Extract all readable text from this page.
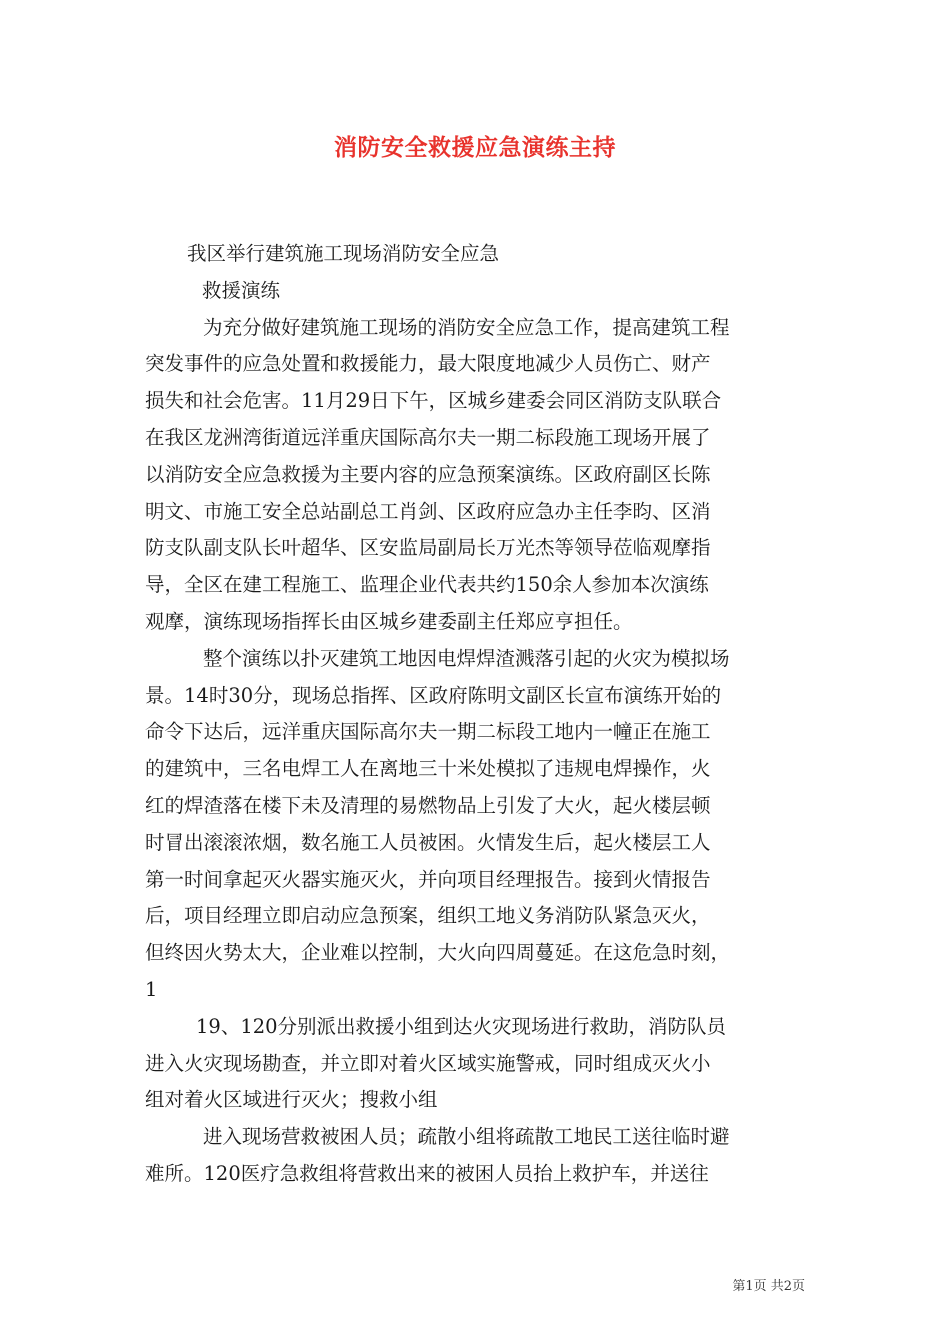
消防安全救援应急演练主持
我区举行建筑施工现场消防安全应急
救援演练
为充分做好建筑施工现场的消防安全应急工作，提高建筑工程
突发事件的应急处置和救援能力，最大限度地减少人员伤亡、财产
损失和社会危害。11月29日下午，区城乡建委会同区消防支队联合
在我区龙洲湾街道远洋重庆国际高尔夫一期二标段施工现场开展了
以消防安全应急救援为主要内容的应急预案演练。区政府副区长陈
明文、市施工安全总站副总工肖剑、区政府应急办主任李昀、区消
防支队副支队长叶超华、区安监局副局长万光杰等领导莅临观摩指
导，全区在建工程施工、监理企业代表共约150余人参加本次演练
观摩，演练现场指挥长由区城乡建委副主任郑应亨担任。
整个演练以扑灭建筑工地因电焊焊渣溅落引起的火灾为模拟场
景。14时30分，现场总指挥、区政府陈明文副区长宣布演练开始的
命令下达后，远洋重庆国际高尔夫一期二标段工地内一幢正在施工
的建筑中，三名电焊工人在离地三十米处模拟了违规电焊操作，火
红的焊渣落在楼下未及清理的易燃物品上引发了大火，起火楼层顿
时冒出滚滚浓烟，数名施工人员被困。火情发生后，起火楼层工人
第一时间拿起灭火器实施灭火，并向项目经理报告。接到火情报告
后，项目经理立即启动应急预案，组织工地义务消防队紧急灭火，
但终因火势太大，企业难以控制，大火向四周蔓延。在这危急时刻，
1
19、120分别派出救援小组到达火灾现场进行救助，消防队员
进入火灾现场勘查，并立即对着火区域实施警戒，同时组成灭火小
组对着火区域进行灭火；搜救小组
进入现场营救被困人员；疏散小组将疏散工地民工送往临时避
难所。120医疗急救组将营救出来的被困人员抬上救护车，并送往
第1页 共2页
